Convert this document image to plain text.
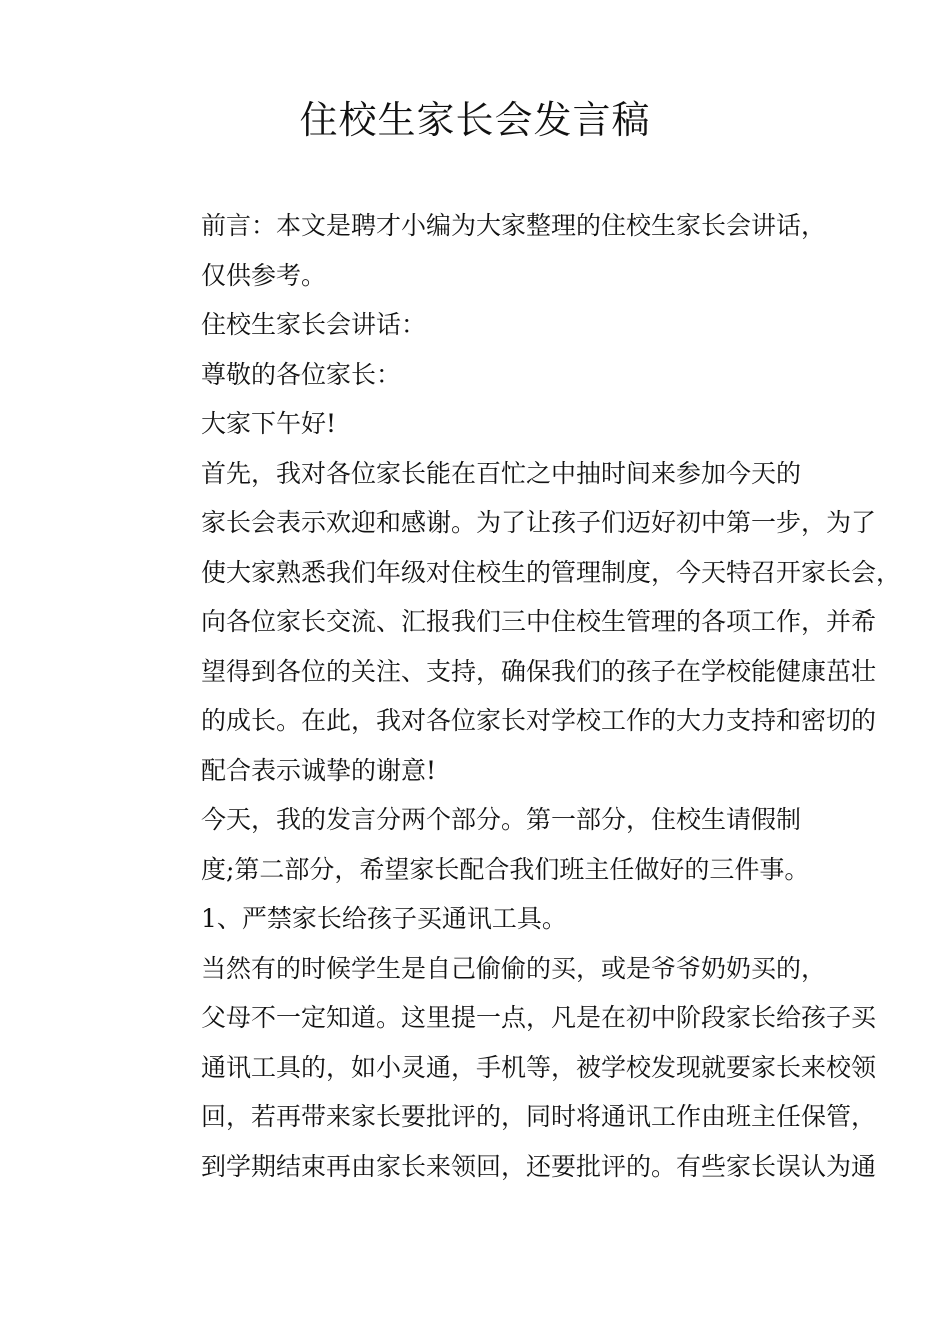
住校生家长会发言稿

前言：本文是聘才小编为大家整理的住校生家长会讲话，
仅供参考。

住校生家长会讲话：

尊敬的各位家长：

大家下午好!

首先，我对各位家长能在百忙之中抽时间来参加今天的
家长会表示欢迎和感谢。为了让孩子们迈好初中第一步，为了
使大家熟悉我们年级对住校生的管理制度，今天特召开家长会，
向各位家长交流、汇报我们三中住校生管理的各项工作，并希
望得到各位的关注、支持，确保我们的孩子在学校能健康茁壮
的成长。在此，我对各位家长对学校工作的大力支持和密切的
配合表示诚挚的谢意!

今天，我的发言分两个部分。第一部分，住校生请假制
度;第二部分，希望家长配合我们班主任做好的三件事。

1、严禁家长给孩子买通讯工具。

当然有的时候学生是自己偷偷的买，或是爷爷奶奶买的，
父母不一定知道。这里提一点，凡是在初中阶段家长给孩子买
通讯工具的，如小灵通，手机等，被学校发现就要家长来校领
回，若再带来家长要批评的，同时将通讯工作由班主任保管，
到学期结束再由家长来领回，还要批评的。有些家长误认为通
